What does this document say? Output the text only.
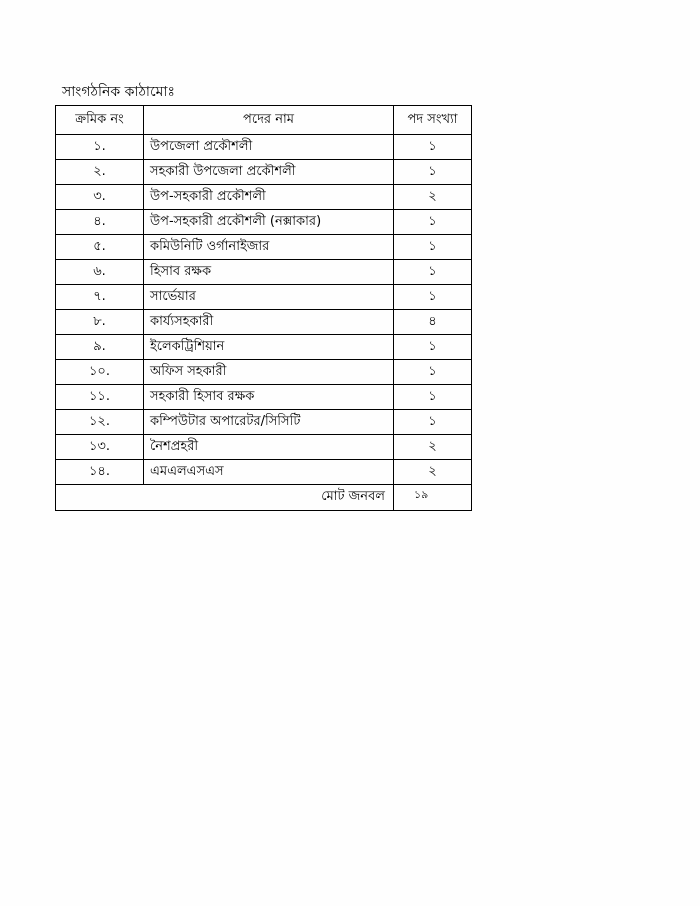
সাংগঠনিক কাঠামোঃ
ক্রমিক নং	পদের নাম	পদ সংখ্যা
১.	উপজেলা প্রকৌশলী	১
২.	সহকারী উপজেলা প্রকৌশলী	১
৩.	উপ-সহকারী প্রকৌশলী	২
৪.	উপ-সহকারী প্রকৌশলী (নক্সাকার)	১
৫.	কমিউনিটি ওর্গানাইজার	১
৬.	হিসাব রক্ষক	১
৭.	সার্ভেয়ার	১
৮.	কার্য্যসহকারী	৪
৯.	ইলেকট্রিশিয়ান	১
১০.	অফিস সহকারী	১
১১.	সহকারী হিসাব রক্ষক	১
১২.	কম্পিউটার অপারেটর/সিসিটি	১
১৩.	নৈশপ্রহরী	২
১৪.	এমএলএসএস	২
মোট জনবল		১৯
